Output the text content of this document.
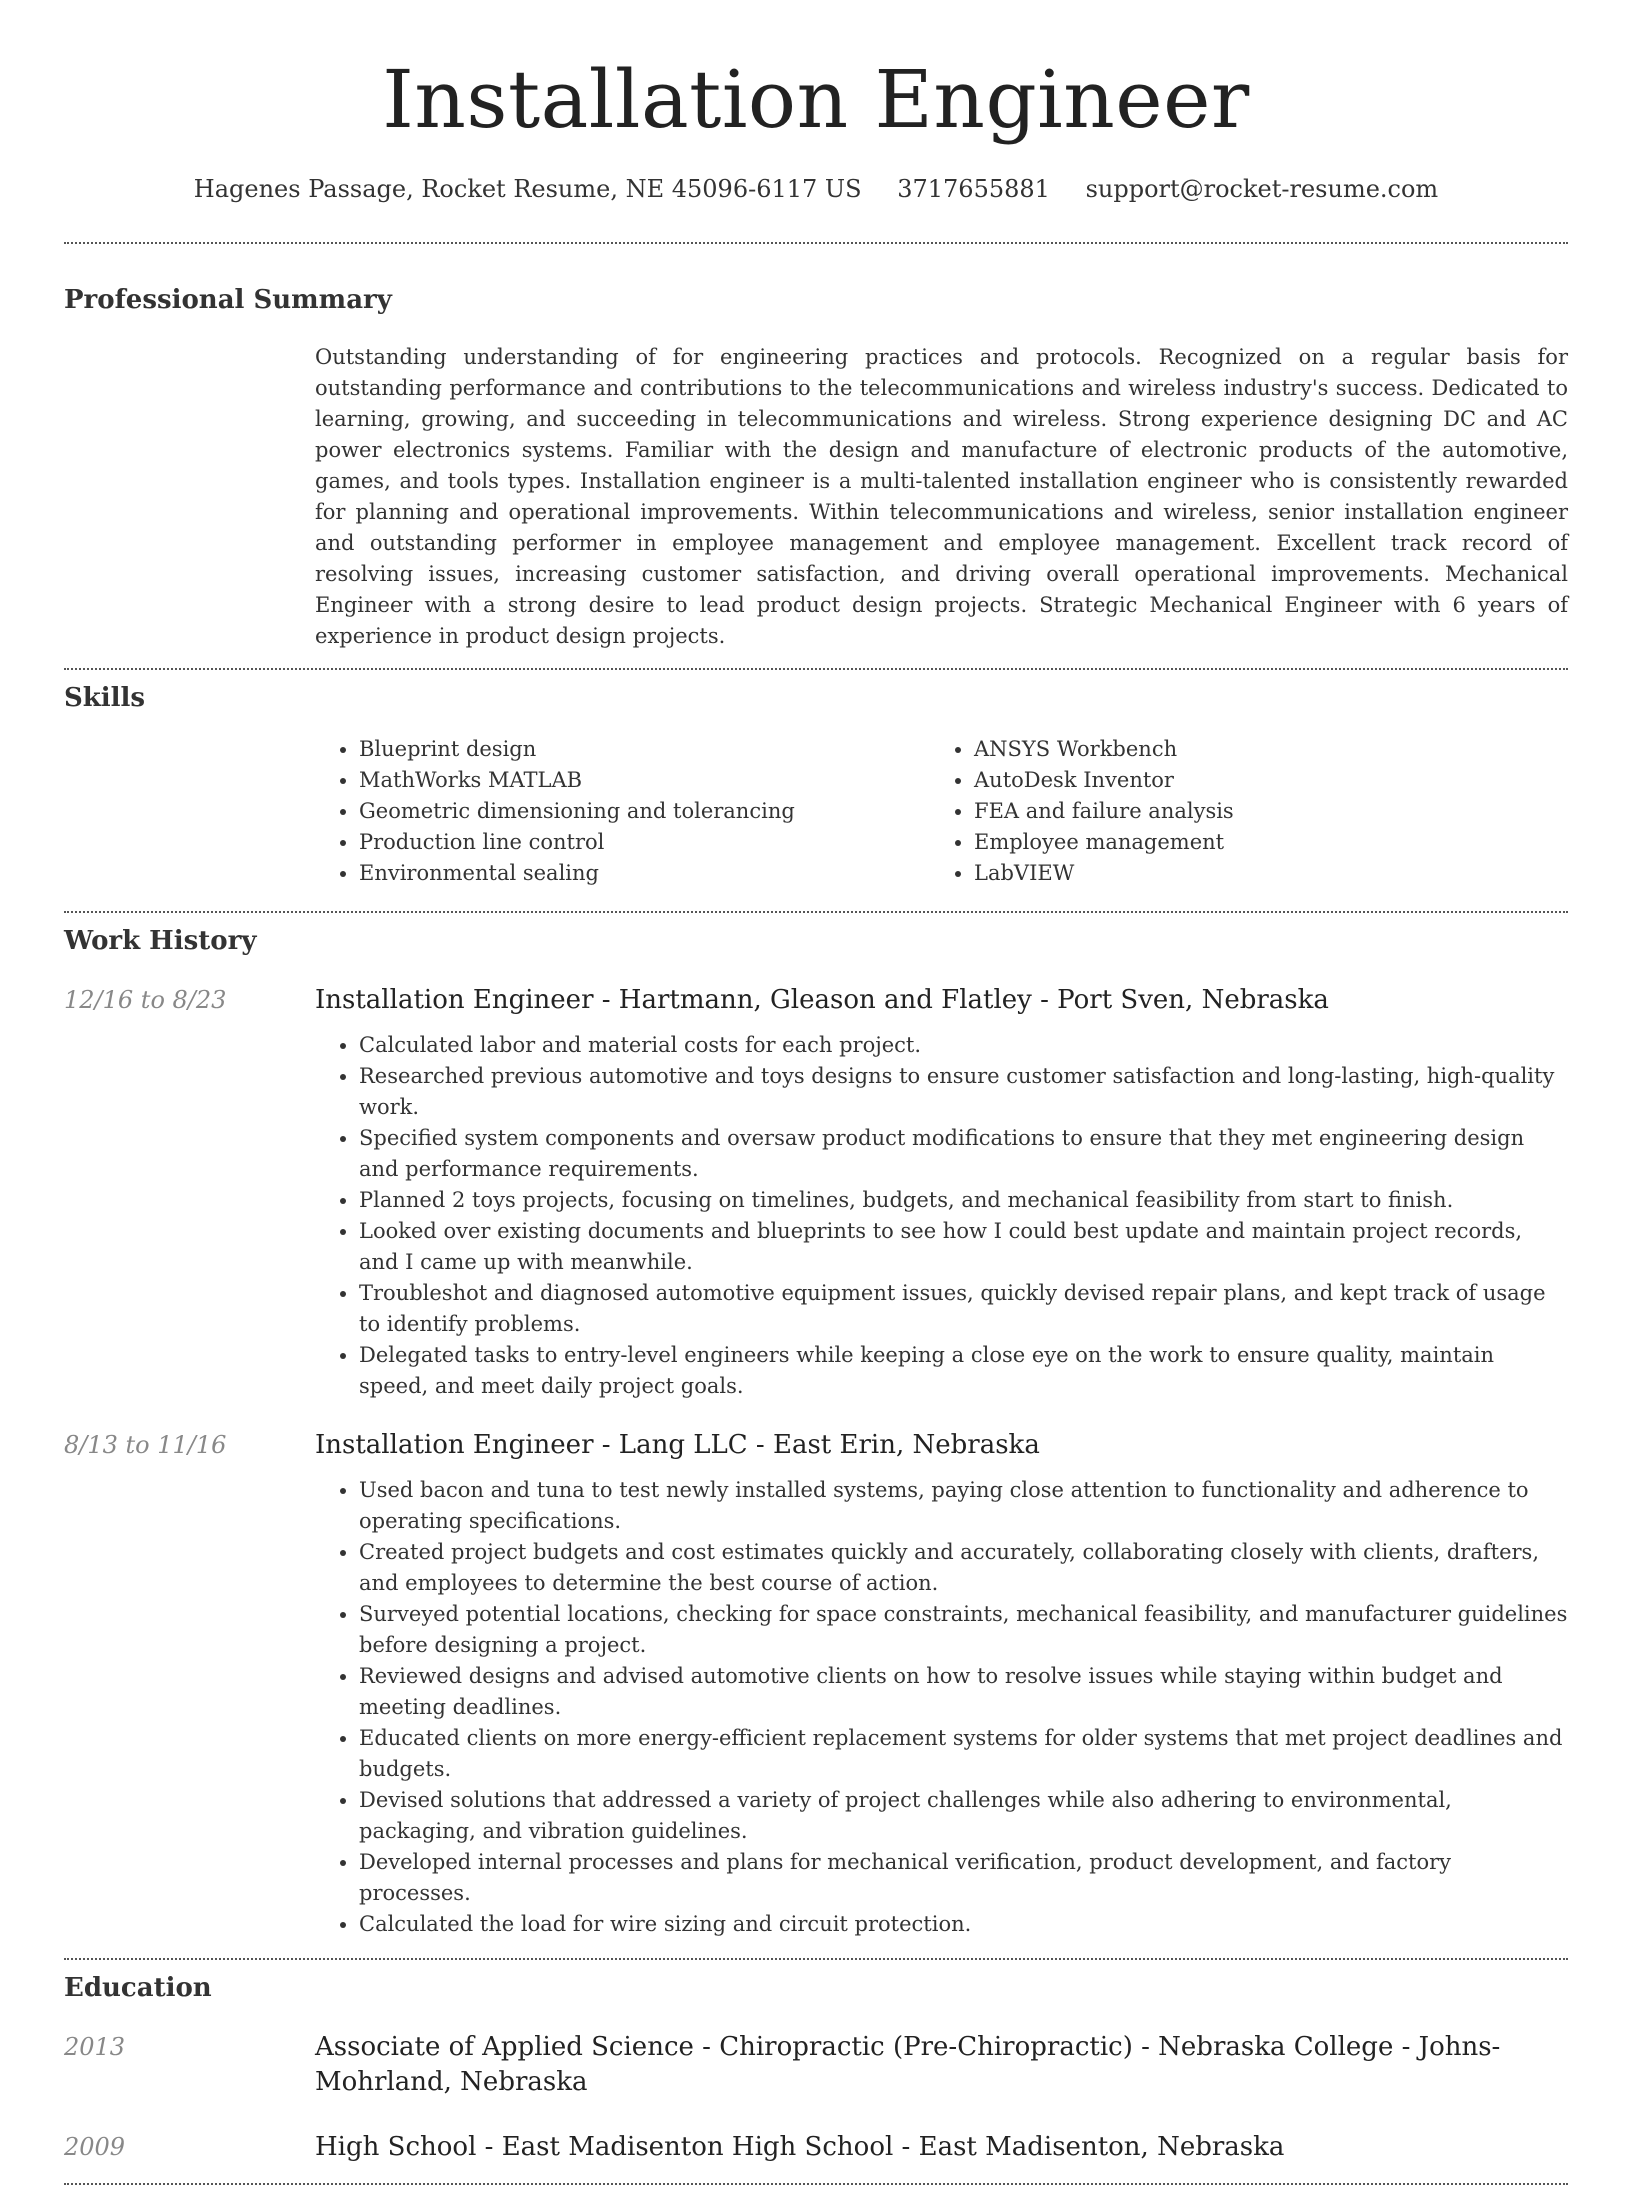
Installation Engineer
Hagenes Passage, Rocket Resume, NE 45096-6117 US 3717655881 support@rocket-resume.com
Professional Summary

Outstanding understanding of for engineering practices and protocols. Recognized on a regular basis for outstanding performance and contributions to the telecommunications and wireless industry's success. Dedicated to learning, growing, and succeeding in telecommunications and wireless. Strong experience designing DC and AC power electronics systems. Familiar with the design and manufacture of electronic products of the automotive, games, and tools types. Installation engineer is a multi-talented installation engineer who is consistently rewarded for planning and operational improvements. Within telecommunications and wireless, senior installation engineer and outstanding performer in employee management and employee management. Excellent track record of resolving issues, increasing customer satisfaction, and driving overall operational improvements. Mechanical Engineer with a strong desire to lead product design projects. Strategic Mechanical Engineer with 6 years of experience in product design projects.

Skills
• Blueprint design
• MathWorks MATLAB
• Geometric dimensioning and tolerancing
• Production line control
• Environmental sealing
• ANSYS Workbench
• AutoDesk Inventor
• FEA and failure analysis
• Employee management
• LabVIEW
Work History
12/16 to 8/23	Installation Engineer - Hartmann, Gleason and Flatley - Port Sven, Nebraska
• Calculated labor and material costs for each project.
• Researched previous automotive and toys designs to ensure customer satisfaction and long-lasting, high-quality work.
• Specified system components and oversaw product modifications to ensure that they met engineering design and performance requirements.
• Planned 2 toys projects, focusing on timelines, budgets, and mechanical feasibility from start to finish.
• Looked over existing documents and blueprints to see how I could best update and maintain project records, and I came up with meanwhile.
• Troubleshot and diagnosed automotive equipment issues, quickly devised repair plans, and kept track of usage to identify problems.
• Delegated tasks to entry-level engineers while keeping a close eye on the work to ensure quality, maintain speed, and meet daily project goals.
8/13 to 11/16	Installation Engineer - Lang LLC - East Erin, Nebraska
• Used bacon and tuna to test newly installed systems, paying close attention to functionality and adherence to operating specifications.
• Created project budgets and cost estimates quickly and accurately, collaborating closely with clients, drafters, and employees to determine the best course of action.
• Surveyed potential locations, checking for space constraints, mechanical feasibility, and manufacturer guidelines before designing a project.
• Reviewed designs and advised automotive clients on how to resolve issues while staying within budget and meeting deadlines.
• Educated clients on more energy-efficient replacement systems for older systems that met project deadlines and budgets.
• Devised solutions that addressed a variety of project challenges while also adhering to environmental, packaging, and vibration guidelines.
• Developed internal processes and plans for mechanical verification, product development, and factory processes.
• Calculated the load for wire sizing and circuit protection.
Education
2013	Associate of Applied Science - Chiropractic (Pre-Chiropractic) - Nebraska College - Johns-Mohrland, Nebraska
2009	High School - East Madisenton High School - East Madisenton, Nebraska
